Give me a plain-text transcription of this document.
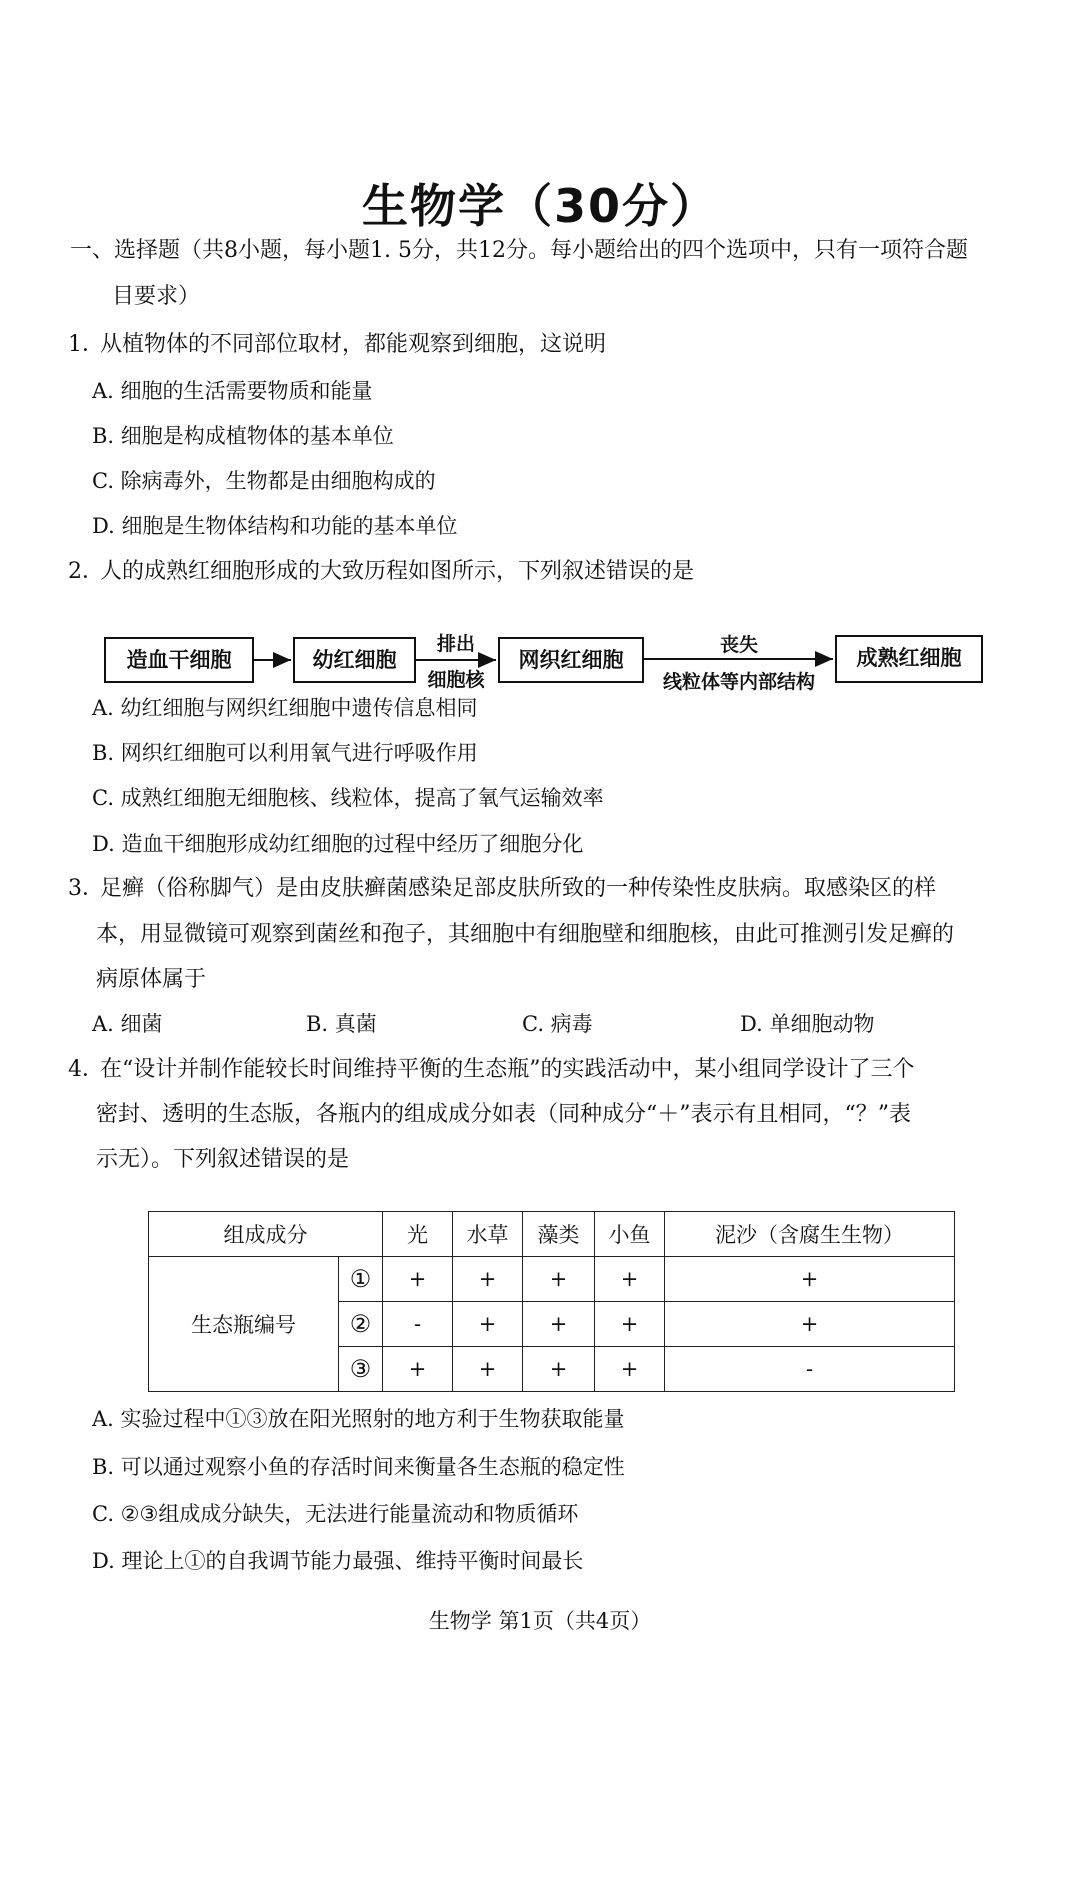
生物学（30分）
一、选择题（共8小题，每小题1. 5分，共12分。每小题给出的四个选项中，只有一项符合题
目要求）
1．从植物体的不同部位取材，都能观察到细胞，这说明
A. 细胞的生活需要物质和能量
B. 细胞是构成植物体的基本单位
C. 除病毒外，生物都是由细胞构成的
D. 细胞是生物体结构和功能的基本单位
2．人的成熟红细胞形成的大致历程如图所示，下列叙述错误的是
造血干细胞	幼红细胞	网织红细胞	成熟红细胞
排出
细胞核
丧失
线粒体等内部结构
A. 幼红细胞与网织红细胞中遗传信息相同
B. 网织红细胞可以利用氧气进行呼吸作用
C. 成熟红细胞无细胞核、线粒体，提高了氧气运输效率
D. 造血干细胞形成幼红细胞的过程中经历了细胞分化
3．足癣（俗称脚气）是由皮肤癣菌感染足部皮肤所致的一种传染性皮肤病。取感染区的样
本，用显微镜可观察到菌丝和孢子，其细胞中有细胞壁和细胞核，由此可推测引发足癣的
病原体属于
A. 细菌	B. 真菌	C. 病毒	D. 单细胞动物
4．在“设计并制作能较长时间维持平衡的生态瓶”的实践活动中，某小组同学设计了三个
密封、透明的生态版，各瓶内的组成成分如表（同种成分“＋”表示有且相同，“？”表
示无）。下列叙述错误的是
组成成分		光	水草	藻类	小鱼	泥沙（含腐生生物）
生态瓶编号	①	+	+	+	+	+
	②	-	+	+	+	+
	③	+	+	+	+	-
A. 实验过程中①③放在阳光照射的地方利于生物获取能量
B. 可以通过观察小鱼的存活时间来衡量各生态瓶的稳定性
C. ②③组成成分缺失，无法进行能量流动和物质循环
D. 理论上①的自我调节能力最强、维持平衡时间最长
生物学 第1页（共4页）
